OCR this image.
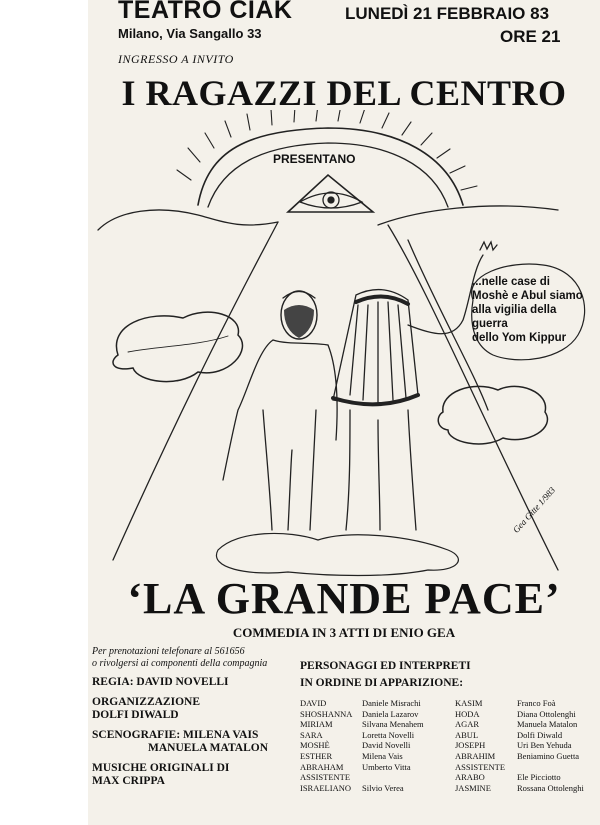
TEATRO CIAK	LUNEDÌ 21 FEBBRAIO 83
Milano, Via Sangallo 33	ORE 21
INGRESSO A INVITO
I RAGAZZI DEL CENTRO
PRESENTANO
...nelle case di
Moshè e Abul siamo
alla vigilia della
guerra
dello Yom Kippur
Gea Gitte 1/983
‘LA GRANDE PACE’
COMMEDIA IN 3 ATTI DI ENIO GEA
Per prenotazioni telefonare al 561656
o rivolgersi ai componenti della compagnia
REGIA: DAVID NOVELLI
ORGANIZZAZIONE
DOLFI DIWALD
SCENOGRAFIE: MILENA VAIS
MANUELA MATALON
MUSICHE ORIGINALI DI
MAX CRIPPA
PERSONAGGI ED INTERPRETI
IN ORDINE DI APPARIZIONE:
DAVID	Daniele Misrachi
SHOSHANNA	Daniela Lazarov
MIRIAM	Silvana Menahem
SARA	Loretta Novelli
MOSHÈ	David Novelli
ESTHER	Milena Vais
ABRAHAM	Umberto Vitta
ASSISTENTE
ISRAELIANO	Silvio Verea
KASIM	Franco Foà
HODA	Diana Ottolenghi
AGAR	Manuela Matalon
ABUL	Dolfi Diwald
JOSEPH	Uri Ben Yehuda
ABRAHIM	Beniamino Guetta
ASSISTENTE
ARABO	Ele Picciotto
JASMINE	Rossana Ottolenghi
